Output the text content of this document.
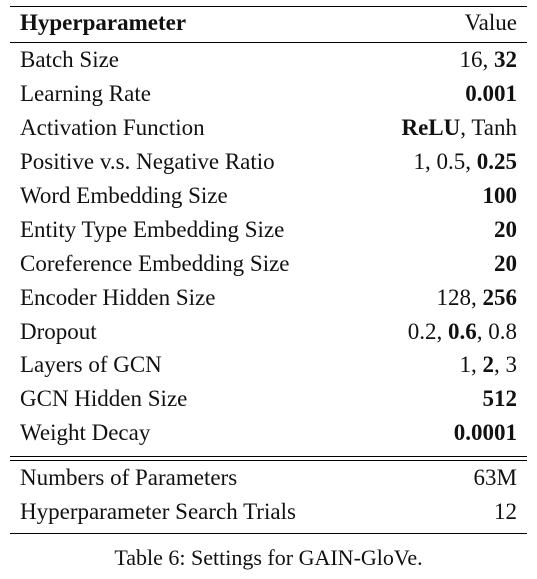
Hyperparameter	Value
Batch Size	16, 32
Learning Rate	0.001
Activation Function	ReLU, Tanh
Positive v.s. Negative Ratio	1, 0.5, 0.25
Word Embedding Size	100
Entity Type Embedding Size	20
Coreference Embedding Size	20
Encoder Hidden Size	128, 256
Dropout	0.2, 0.6, 0.8
Layers of GCN	1, 2, 3
GCN Hidden Size	512
Weight Decay	0.0001
Numbers of Parameters	63M
Hyperparameter Search Trials	12
Table 6: Settings for GAIN-GloVe.
